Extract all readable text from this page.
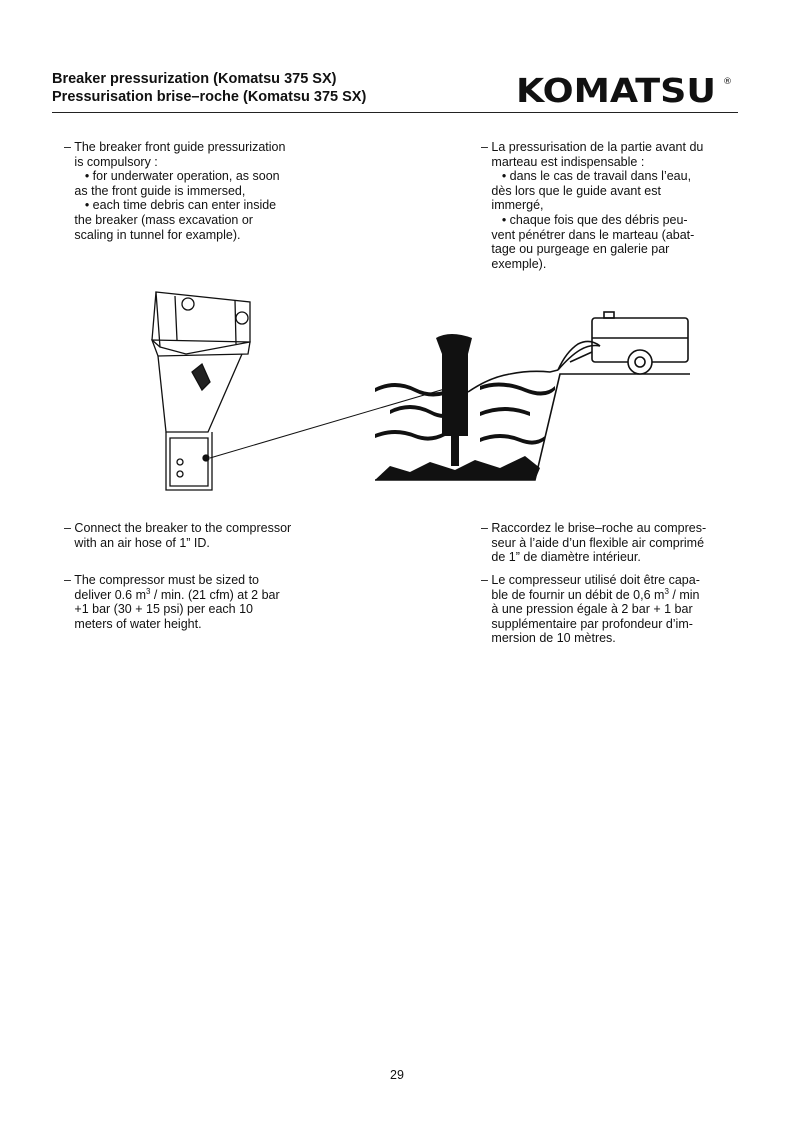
Breaker pressurization (Komatsu 375 SX)
Pressurisation brise–roche (Komatsu 375 SX)	KOMATSU ®
– The breaker front guide pressurization
is compulsory :
• for underwater operation, as soon
as the front guide is immersed,
• each time debris can enter inside
the breaker (mass excavation or
scaling in tunnel for example).
– La pressurisation de la partie avant du
marteau est indispensable :
• dans le cas de travail dans l’eau,
dès lors que le guide avant est
immergé,
• chaque fois que des débris peu-
vent pénétrer dans le marteau (abat-
tage ou purgeage en galerie par
exemple).
– Connect the breaker to the compressor
with an air hose of 1” ID.
– The compressor must be sized to
deliver 0.6 $m^3$ / min. (21 cfm) at 2 bar
+1 bar (30 + 15 psi) per each 10
meters of water height.
– Raccordez le brise–roche au compres-
seur à l’aide d’un flexible air comprimé
de 1” de diamètre intérieur.
– Le compresseur utilisé doit être capa-
ble de fournir un débit de 0,6 $m^3$ / min
à une pression égale à 2 bar + 1 bar
supplémentaire par profondeur d’im-
mersion de 10 mètres.
29
